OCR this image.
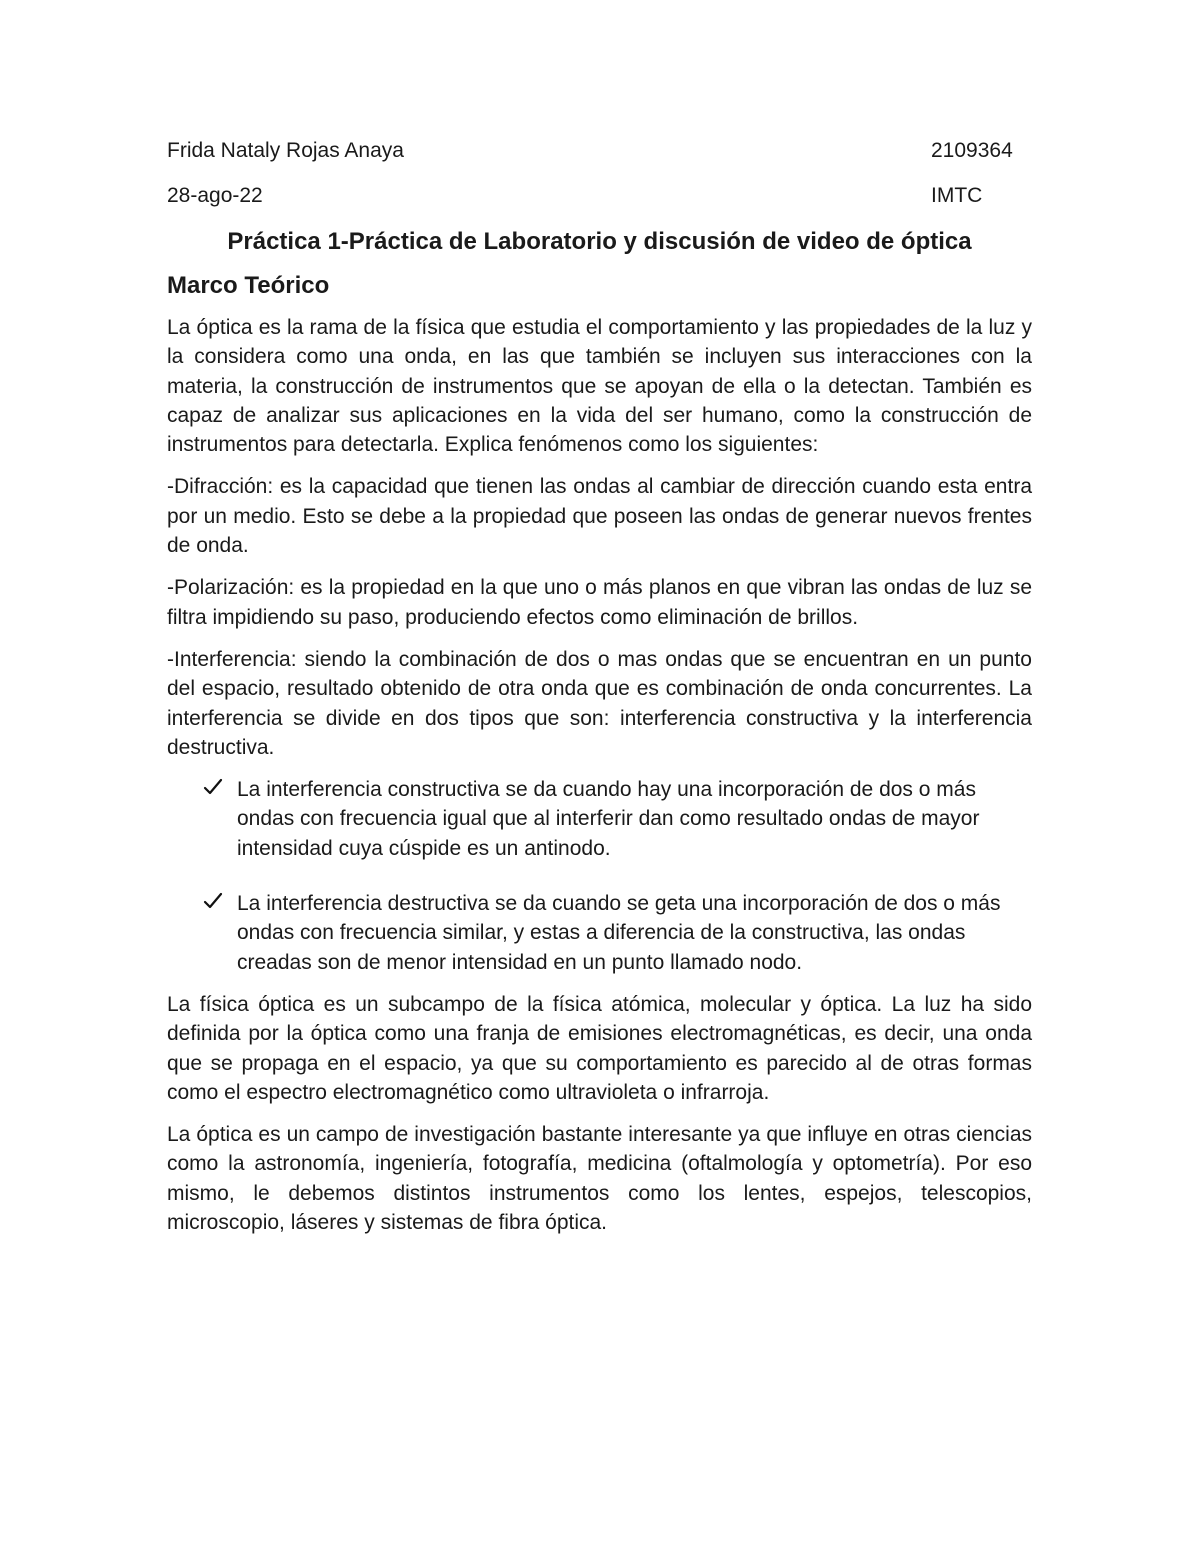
Frida Nataly Rojas Anaya	2109364
28-ago-22	IMTC
Práctica 1-Práctica de Laboratorio y discusión de video de óptica
Marco Teórico

La óptica es la rama de la física que estudia el comportamiento y las propiedades de la luz y la considera como una onda, en las que también se incluyen sus interacciones con la materia, la construcción de instrumentos que se apoyan de ella o la detectan. También es capaz de analizar sus aplicaciones en la vida del ser humano, como la construcción de instrumentos para detectarla. Explica fenómenos como los siguientes:

-Difracción: es la capacidad que tienen las ondas al cambiar de dirección cuando esta entra por un medio. Esto se debe a la propiedad que poseen las ondas de generar nuevos frentes de onda.

-Polarización: es la propiedad en la que uno o más planos en que vibran las ondas de luz se filtra impidiendo su paso, produciendo efectos como eliminación de brillos.

-Interferencia: siendo la combinación de dos o mas ondas que se encuentran en un punto del espacio, resultado obtenido de otra onda que es combinación de onda concurrentes. La interferencia se divide en dos tipos que son: interferencia constructiva y la interferencia destructiva.

La interferencia constructiva se da cuando hay una incorporación de dos o más ondas con frecuencia igual que al interferir dan como resultado ondas de mayor intensidad cuya cúspide es un antinodo.
La interferencia destructiva se da cuando se geta una incorporación de dos o más ondas con frecuencia similar, y estas a diferencia de la constructiva, las ondas creadas son de menor intensidad en un punto llamado nodo.

La física óptica es un subcampo de la física atómica, molecular y óptica. La luz ha sido definida por la óptica como una franja de emisiones electromagnéticas, es decir, una onda que se propaga en el espacio, ya que su comportamiento es parecido al de otras formas como el espectro electromagnético como ultravioleta o infrarroja.

La óptica es un campo de investigación bastante interesante ya que influye en otras ciencias como la astronomía, ingeniería, fotografía, medicina (oftalmología y optometría). Por eso mismo, le debemos distintos instrumentos como los lentes, espejos, telescopios, microscopio, láseres y sistemas de fibra óptica.
